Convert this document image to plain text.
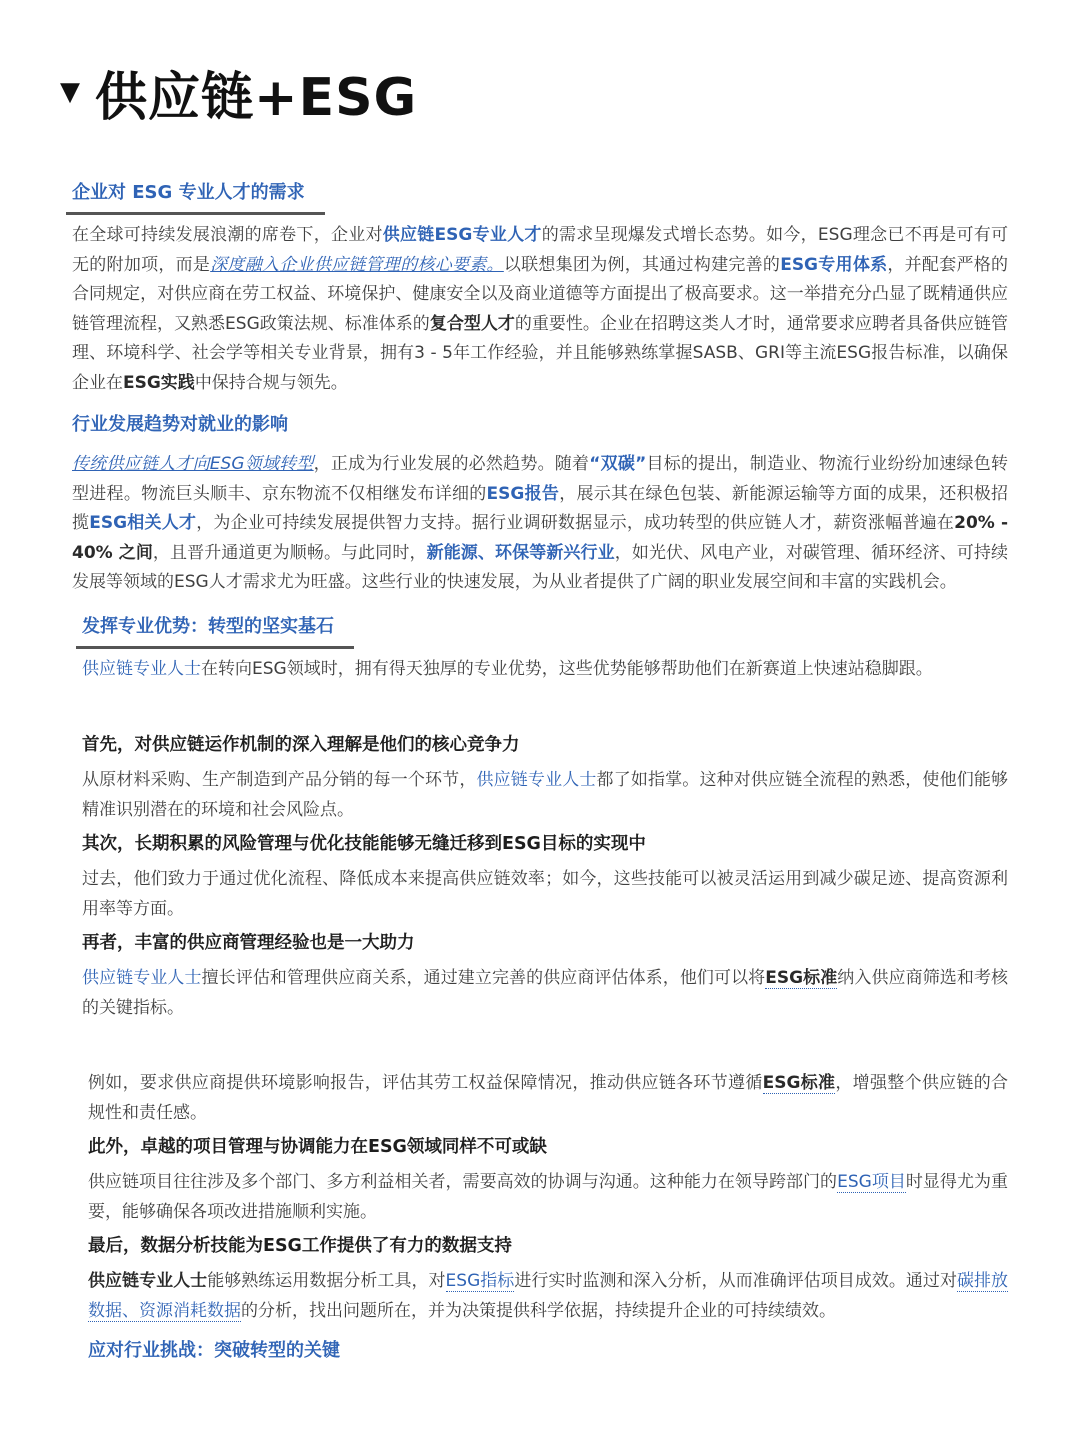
▼ 供应链+ESG
企业对 ESG 专业人才的需求

在全球可持续发展浪潮的席卷下，企业对供应链ESG专业人才的需求呈现爆发式增长态势。如今，ESG理念已不再是可有可无的附加项，而是深度融入企业供应链管理的核心要素。以联想集团为例，其通过构建完善的ESG专用体系，并配套严格的合同规定，对供应商在劳工权益、环境保护、健康安全以及商业道德等方面提出了极高要求。这一举措充分凸显了既精通供应链管理流程，又熟悉ESG政策法规、标准体系的复合型人才的重要性。企业在招聘这类人才时，通常要求应聘者具备供应链管理、环境科学、社会学等相关专业背景，拥有3 - 5年工作经验，并且能够熟练掌握SASB、GRI等主流ESG报告标准，以确保企业在ESG实践中保持合规与领先。

行业发展趋势对就业的影响

传统供应链人才向ESG领域转型，正成为行业发展的必然趋势。随着“双碳”目标的提出，制造业、物流行业纷纷加速绿色转型进程。物流巨头顺丰、京东物流不仅相继发布详细的ESG报告，展示其在绿色包装、新能源运输等方面的成果，还积极招揽ESG相关人才，为企业可持续发展提供智力支持。据行业调研数据显示，成功转型的供应链人才，薪资涨幅普遍在20% - 40% 之间，且晋升通道更为顺畅。与此同时，新能源、环保等新兴行业，如光伏、风电产业，对碳管理、循环经济、可持续发展等领域的ESG人才需求尤为旺盛。这些行业的快速发展，为从业者提供了广阔的职业发展空间和丰富的实践机会。

发挥专业优势：转型的坚实基石

供应链专业人士在转向ESG领域时，拥有得天独厚的专业优势，这些优势能够帮助他们在新赛道上快速站稳脚跟。

首先，对供应链运作机制的深入理解是他们的核心竞争力

从原材料采购、生产制造到产品分销的每一个环节，供应链专业人士都了如指掌。这种对供应链全流程的熟悉，使他们能够精准识别潜在的环境和社会风险点。

其次，长期积累的风险管理与优化技能能够无缝迁移到ESG目标的实现中

过去，他们致力于通过优化流程、降低成本来提高供应链效率；如今，这些技能可以被灵活运用到减少碳足迹、提高资源利用率等方面。

再者，丰富的供应商管理经验也是一大助力

供应链专业人士擅长评估和管理供应商关系，通过建立完善的供应商评估体系，他们可以将ESG标准纳入供应商筛选和考核的关键指标。

例如，要求供应商提供环境影响报告，评估其劳工权益保障情况，推动供应链各环节遵循ESG标准，增强整个供应链的合规性和责任感。

此外，卓越的项目管理与协调能力在ESG领域同样不可或缺

供应链项目往往涉及多个部门、多方利益相关者，需要高效的协调与沟通。这种能力在领导跨部门的ESG项目时显得尤为重要，能够确保各项改进措施顺利实施。

最后，数据分析技能为ESG工作提供了有力的数据支持

供应链专业人士能够熟练运用数据分析工具，对ESG指标进行实时监测和深入分析，从而准确评估项目成效。通过对碳排放数据、资源消耗数据的分析，找出问题所在，并为决策提供科学依据，持续提升企业的可持续绩效。

应对行业挑战：突破转型的关键
